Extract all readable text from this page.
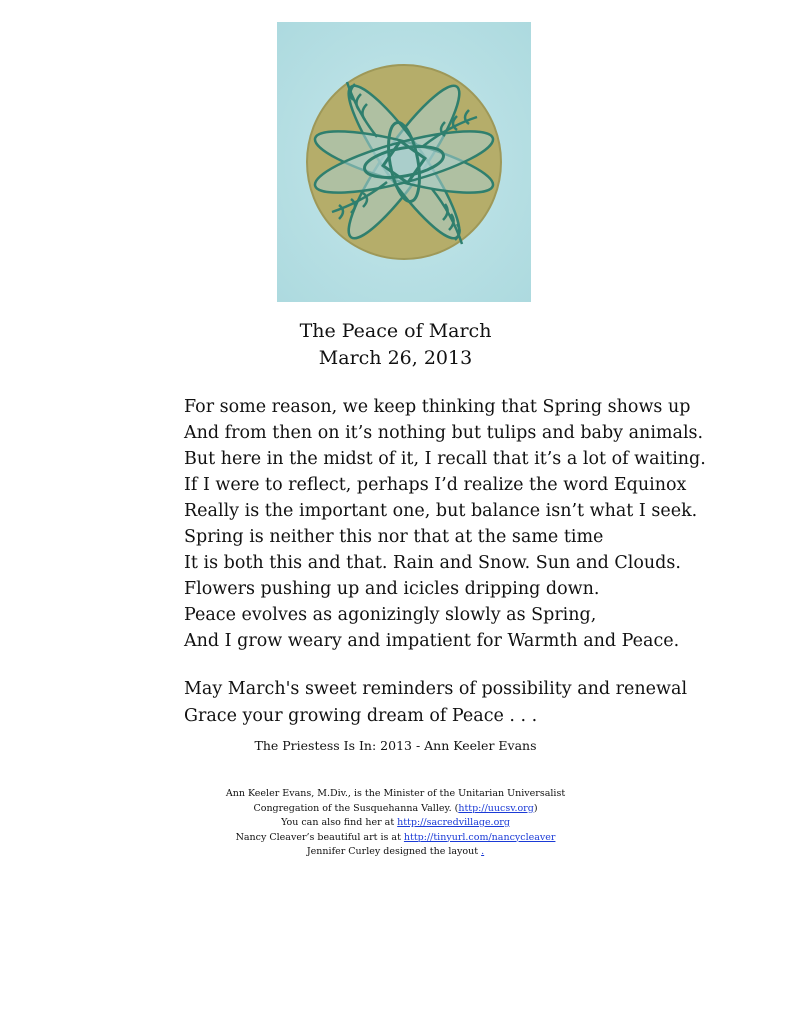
The Peace of March
March 26, 2013
For some reason, we keep thinking that Spring shows up
And from then on it’s nothing but tulips and baby animals.
But here in the midst of it, I recall that it’s a lot of waiting.
If I were to reflect, perhaps I’d realize the word Equinox
Really is the important one, but balance isn’t what I seek.
Spring is neither this nor that at the same time
It is both this and that. Rain and Snow. Sun and Clouds.
Flowers pushing up and icicles dripping down.
Peace evolves as agonizingly slowly as Spring,
And I grow weary and impatient for Warmth and Peace.
May March's sweet reminders of possibility and renewal
Grace your growing dream of Peace . . .
The Priestess Is In: 2013 - Ann Keeler Evans
Ann Keeler Evans, M.Div., is the Minister of the Unitarian Universalist
Congregation of the Susquehanna Valley. (http://uucsv.org)
You can also find her at http://sacredvillage.org
Nancy Cleaver’s beautiful art is at http://tinyurl.com/nancycleaver
Jennifer Curley designed the layout .
